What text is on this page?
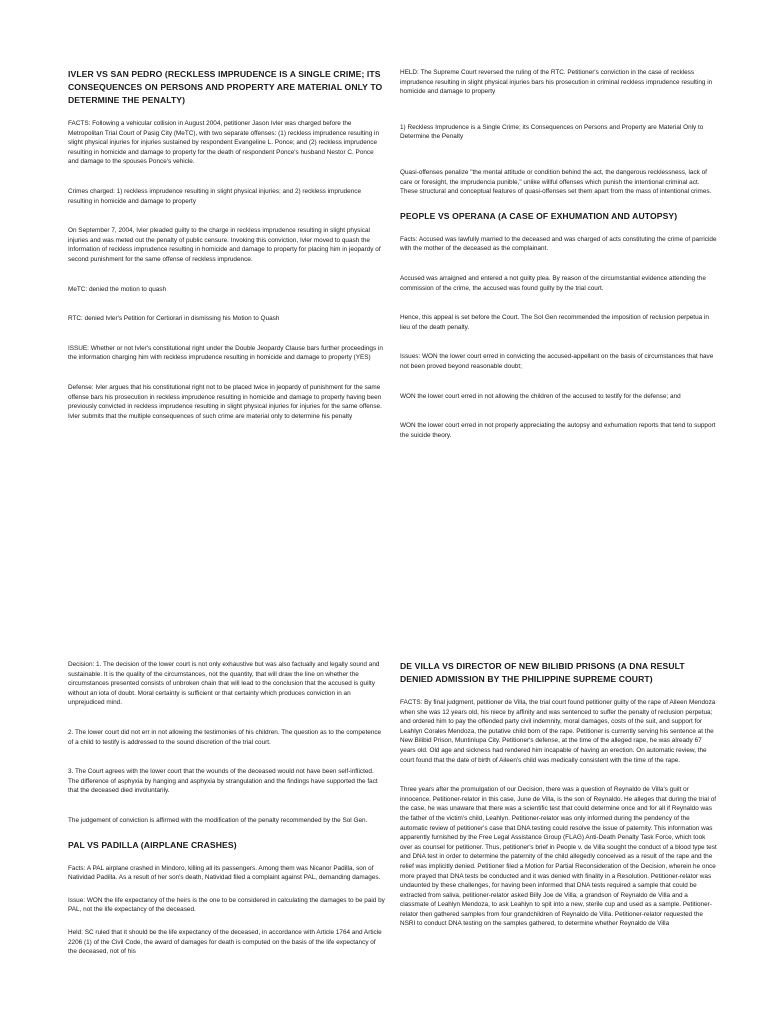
IVLER VS SAN PEDRO (RECKLESS IMPRUDENCE IS A SINGLE CRIME; ITS CONSEQUENCES ON PERSONS AND PROPERTY ARE MATERIAL ONLY TO DETERMINE THE PENALTY)
FACTS: Following a vehicular collision in August 2004, petitioner Jason Ivler was charged before the Metropolitan Trial Court of Pasig City (MeTC), with two separate offenses: (1) reckless imprudence resulting in slight physical injuries for injuries sustained by respondent Evangeline L. Ponce; and (2) reckless imprudence resulting in homicide and damage to property for the death of respondent Ponce's husband Nestor C. Ponce and damage to the spouses Ponce's vehicle.
Crimes charged: 1) reckless imprudence resulting in slight physical injuries; and 2) reckless imprudence resulting in homicide and damage to property
On September 7, 2004, Ivler pleaded guilty to the charge in reckless imprudence resulting in slight physical injuries and was meted out the penalty of public censure. Invoking this conviction, Ivler moved to quash the Information of reckless imprudence resulting in homicide and damage to property for placing him in jeopardy of second punishment for the same offense of reckless imprudence.
MeTC: denied the motion to quash
RTC: denied Ivler's Petition for Certiorari in dismissing his Motion to Quash
ISSUE: Whether or not Ivler's constitutional right under the Double Jeopardy Clause bars further proceedings in the information charging him with reckless imprudence resulting in homicide and damage to property (YES)
Defense: Ivler argues that his constitutional right not to be placed twice in jeopardy of punishment for the same offense bars his prosecution in reckless imprudence resulting in homicide and damage to property having been previously convicted in reckless imprudence resulting in slight physical injuries for injuries for the same offense. Ivler submits that the multiple consequences of such crime are material only to determine his penalty
HELD: The Supreme Court reversed the ruling of the RTC. Petitioner's conviction in the case of reckless imprudence resulting in slight physical injuries bars his prosecution in criminal reckless imprudence resulting in homicide and damage to property
1) Reckless Imprudence is a Single Crime; its Consequences on Persons and Property are Material Only to Determine the Penalty
Quasi-offenses penalize "the mental attitude or condition behind the act, the dangerous recklessness, lack of care or foresight, the imprudencia punible," unlike willful offenses which punish the intentional criminal act. These structural and conceptual features of quasi-offenses set them apart from the mass of intentional crimes.
PEOPLE VS OPERANA (A CASE OF EXHUMATION AND AUTOPSY)
Facts: Accused was lawfully married to the deceased and was charged of acts constituting the crime of parricide with the mother of the deceased as the complainant.
Accused was arraigned and entered a not guilty plea. By reason of the circumstantial evidence attending the commission of the crime, the accused was found guilty by the trial court.
Hence, this appeal is set before the Court. The Sol Gen recommended the imposition of reclusion perpetua in lieu of the death penalty.
Issues: WON the lower court erred in convicting the accused-appellant on the basis of circumstances that have not been proved beyond reasonable doubt;
WON the lower court erred in not allowing the children of the accused to testify for the defense; and
WON the lower court erred in not properly appreciating the autopsy and exhumation reports that tend to support the suicide theory.
Decision: 1. The decision of the lower court is not only exhaustive but was also factually and legally sound and sustainable. It is the quality of the circumstances, not the quantity, that will draw the line on whether the circumstances presented consists of unbroken chain that will lead to the conclusion that the accused is guilty without an iota of doubt. Moral certainty is sufficient or that certainty which produces conviction in an unprejudiced mind.
2. The lower court did not err in not allowing the testimonies of his children. The question as to the competence of a child to testify is addressed to the sound discretion of the trial court.
3. The Court agrees with the lower court that the wounds of the deceased would not have been self-inflicted. The difference of asphyxia by hanging and asphyxia by strangulation and the findings have supported the fact that the deceased died involuntarily.
The judgement of conviction is affirmed with the modification of the penalty recommended by the Sol Gen.
PAL VS PADILLA (AIRPLANE CRASHES)
Facts: A PAL airplane crashed in Mindoro, killing all its passengers. Among them was Nicanor Padilla, son of Natividad Padilla. As a result of her son's death, Natividad filed a complaint against PAL, demanding damages.
Issue: WON the life expectancy of the heirs is the one to be considered in calculating the damages to be paid by PAL, not the life expectancy of the deceased.
Held: SC ruled that it should be the life expectancy of the deceased, in accordance with Article 1764 and Article 2206 (1) of the Civil Code, the award of damages for death is computed on the basis of the life expectancy of the deceased, not of his
DE VILLA VS DIRECTOR OF NEW BILIBID PRISONS (A DNA RESULT DENIED ADMISSION BY THE PHILIPPINE SUPREME COURT)
FACTS: By final judgment, petitioner de Villa, the trial court found petitioner guilty of the rape of Aileen Mendoza when she was 12 years old, his niece by affinity and was sentenced to suffer the penalty of reclusion perpetua; and ordered him to pay the offended party civil indemnity, moral damages, costs of the suit, and support for Leahlyn Corales Mendoza, the putative child born of the rape. Petitioner is currently serving his sentence at the New Bilibid Prison, Muntinlupa City. Petitioner's defense, at the time of the alleged rape, he was already 67 years old. Old age and sickness had rendered him incapable of having an erection. On automatic review, the court found that the date of birth of Aileen's child was medically consistent with the time of the rape.
Three years after the promulgation of our Decision, there was a question of Reynaldo de Villa's guilt or innocence. Petitioner-relator in this case, June de Villa, is the son of Reynaldo. He alleges that during the trial of the case, he was unaware that there was a scientific test that could determine once and for all if Reynaldo was the father of the victim's child, Leahlyn. Petitioner-relator was only informed during the pendency of the automatic review of petitioner's case that DNA testing could resolve the issue of paternity. This information was apparently furnished by the Free Legal Assistance Group (FLAG) Anti-Death Penalty Task Force, which took over as counsel for petitioner. Thus, petitioner's brief in People v. de Villa sought the conduct of a blood type test and DNA test in order to determine the paternity of the child allegedly conceived as a result of the rape and the relief was implicitly denied. Petitioner filed a Motion for Partial Reconsideration of the Decision, wherein he once more prayed that DNA tests be conducted and it was denied with finality in a Resolution. Petitioner-relator was undaunted by these challenges, for having been informed that DNA tests required a sample that could be extracted from saliva, petitioner-relator asked Billy Joe de Villa, a grandson of Reynaldo de Villa and a classmate of Leahlyn Mendoza, to ask Leahlyn to spit into a new, sterile cup and used as a sample. Petitioner-relator then gathered samples from four grandchildren of Reynaldo de Villa. Petitioner-relator requested the NSRI to conduct DNA testing on the samples gathered, to determine whether Reynaldo de Villa
